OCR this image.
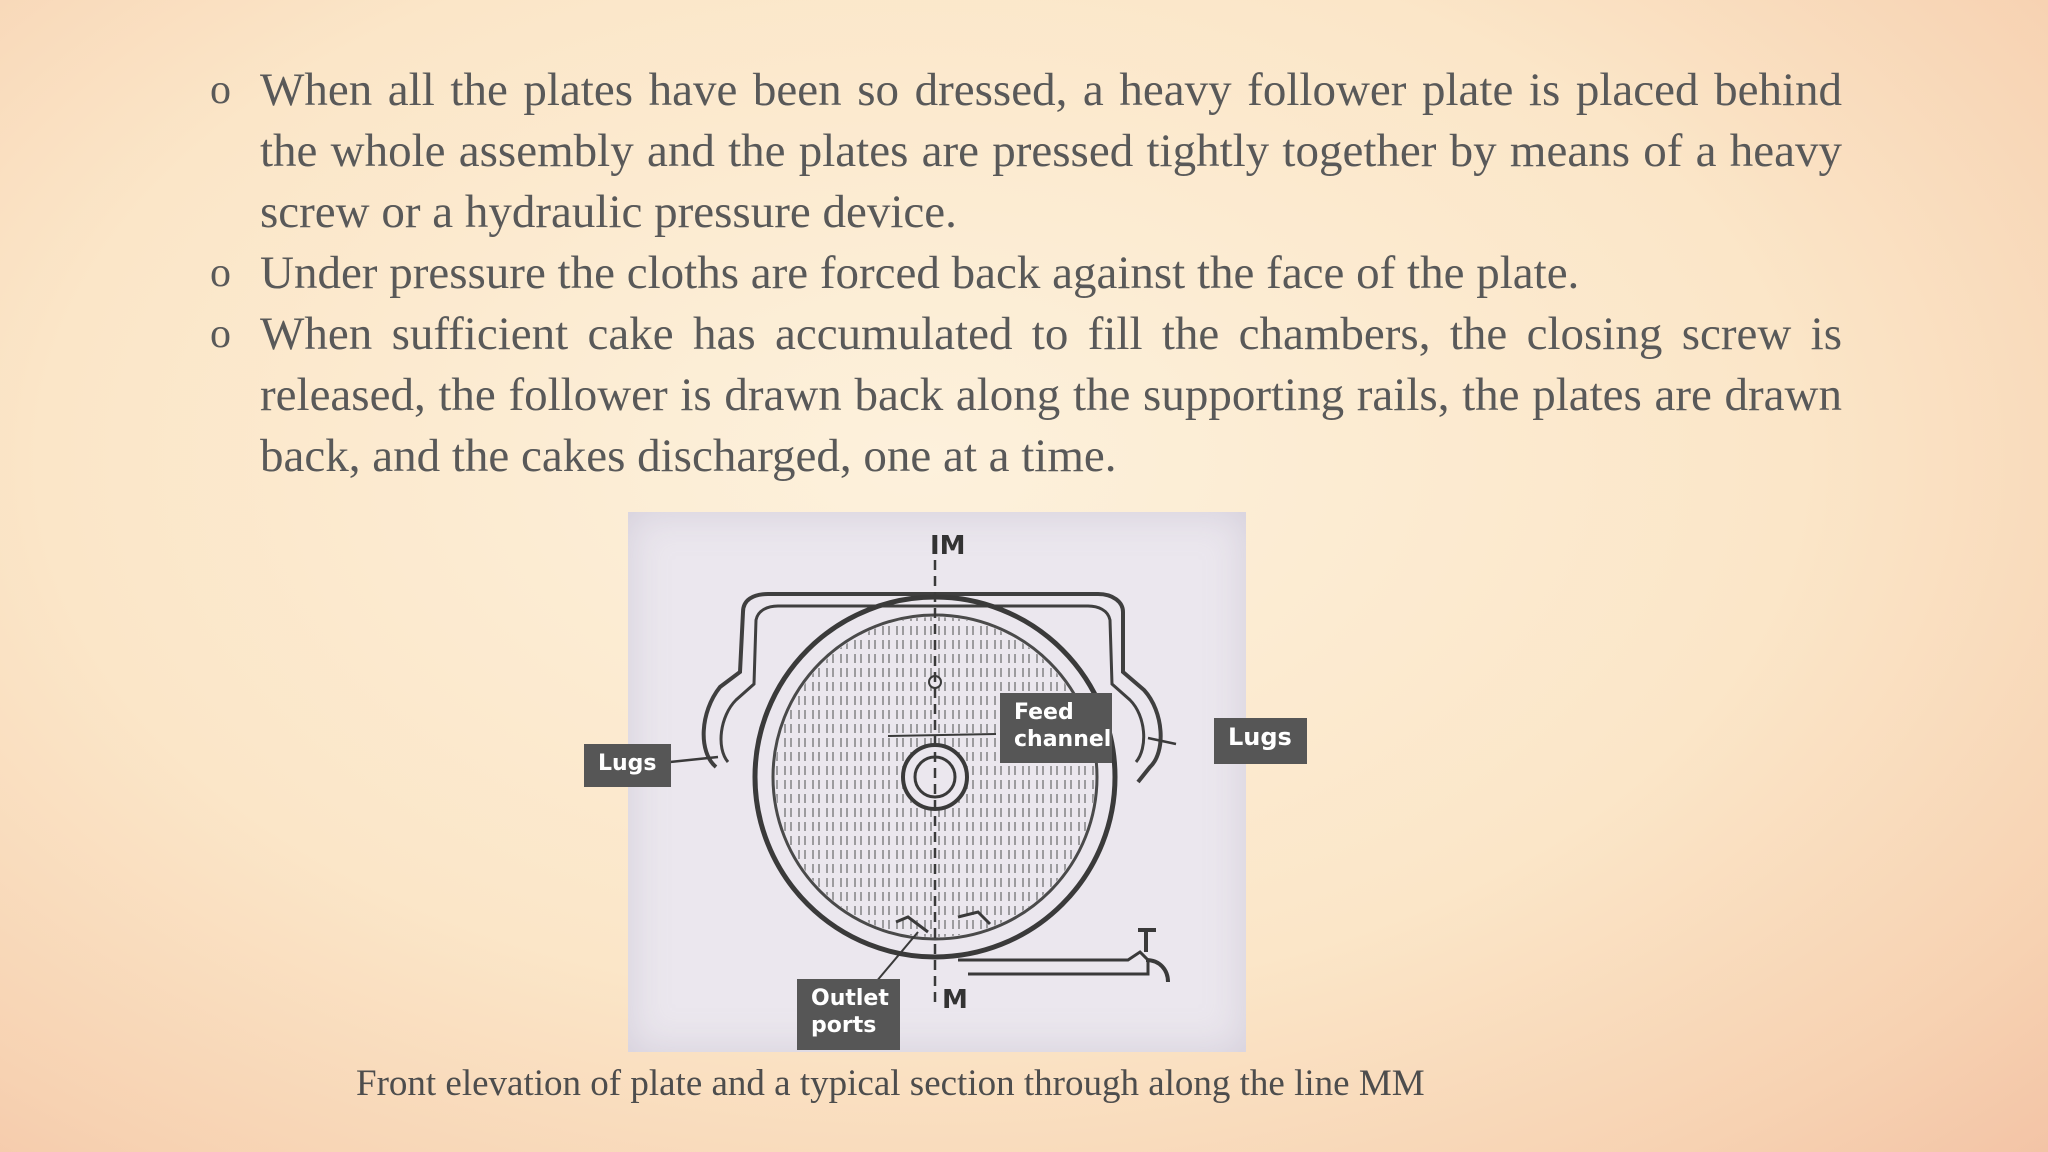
o When all the plates have been so dressed, a heavy follower plate is placed behind the whole assembly and the plates are pressed tightly together by means of a heavy screw or a hydraulic pressure device.
o Under pressure the cloths are forced back against the face of the plate.
o When sufficient cake has accumulated to fill the chambers, the closing screw is released, the follower is drawn back along the supporting rails, the plates are drawn back, and the cakes discharged, one at a time.
IM
M
Lugs
Lugs
Feed
channel
Outlet
ports
Front elevation of plate and a typical section through along the line MM
